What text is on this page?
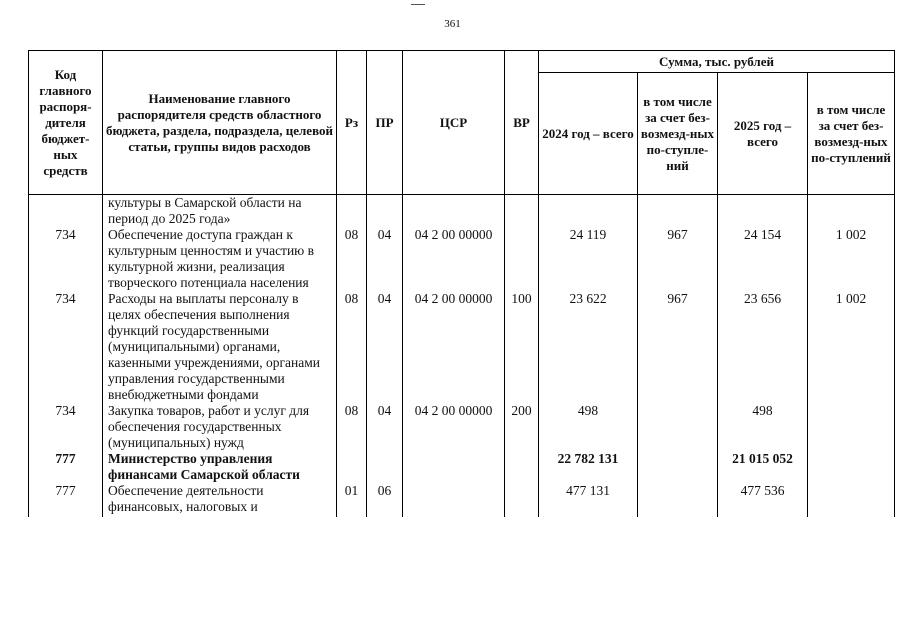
361
Код главного распоря-дителя бюджет-ных средств	Наименование главного распорядителя средств областного бюджета, раздела, подраздела, целевой статьи, группы видов расходов	Рз	ПР	ЦСР	ВР	Сумма, тыс. рублей			
						2024 год – всего	в том числе за счет без-возмезд-ных по-ступле-ний	2025 год – всего	в том числе за счет без-возмезд-ных по-ступлений
	культуры в Самарской области на период до 2025 года»								
734	Обеспечение доступа граждан к культурным ценностям и участию в культурной жизни, реализация творческого потенциала населения	08	04	04 2 00 00000		24 119	967	24 154	1 002
734	Расходы на выплаты персоналу в целях обеспечения выполнения функций государственными (муниципальными) органами, казенными учреждениями, органами управления государственными внебюджетными фондами	08	04	04 2 00 00000	100	23 622	967	23 656	1 002
734	Закупка товаров, работ и услуг для обеспечения государственных (муниципальных) нужд	08	04	04 2 00 00000	200	498		498	
777	Министерство управления финансами Самарской области					22 782 131		21 015 052	
777	Обеспечение деятельности финансовых, налоговых и	01	06			477 131		477 536	
